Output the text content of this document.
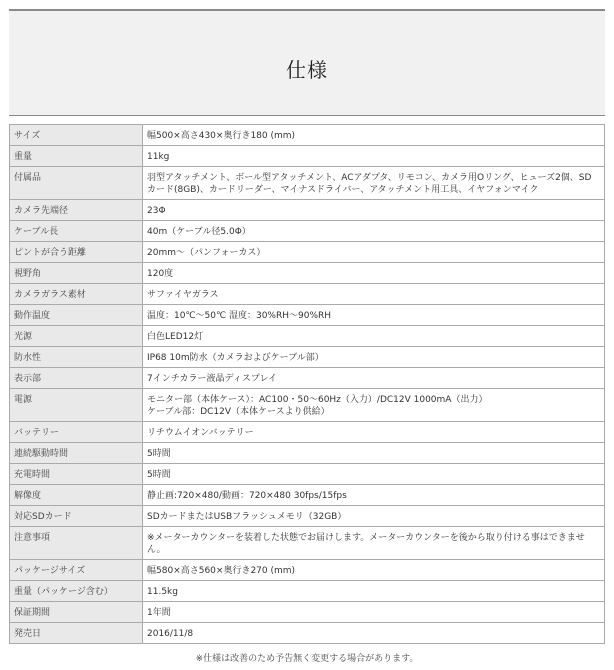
仕様
サイズ	幅500×高さ430×奥行き180 (mm)
重量	11kg
付属品	羽型アタッチメント、ボール型アタッチメント、ACアダプタ、リモコン、カメラ用Oリング、ヒューズ2個、SDカード(8GB)、カードリーダー、マイナスドライバー、アタッチメント用工具、イヤフォンマイク
カメラ先端径	23Φ
ケーブル長	40m（ケーブル径5.0Φ）
ピントが合う距離	20mm～（パンフォーカス）
視野角	120度
カメラガラス素材	サファイヤガラス
動作温度	温度：10℃～50℃ 湿度：30%RH～90%RH
光源	白色LED12灯
防水性	IP68 10m防水（カメラおよびケーブル部）
表示部	7インチカラー液晶ディスプレイ
電源	モニター部（本体ケース）：AC100・50～60Hz（入力）/DC12V 1000mA（出力）
ケーブル部：DC12V（本体ケースより供給）
バッテリー	リチウムイオンバッテリー
連続駆動時間	5時間
充電時間	5時間
解像度	静止画:720×480/動画：720×480 30fps/15fps
対応SDカード	SDカードまたはUSBフラッシュメモリ（32GB）
注意事項	※メーターカウンターを装着した状態でお届けします。メーターカウンターを後から取り付ける事はできません。
パッケージサイズ	幅580×高さ560×奥行き270 (mm)
重量（パッケージ含む）	11.5kg
保証期間	1年間
発売日	2016/11/8
※仕様は改善のため予告無く変更する場合があります。
